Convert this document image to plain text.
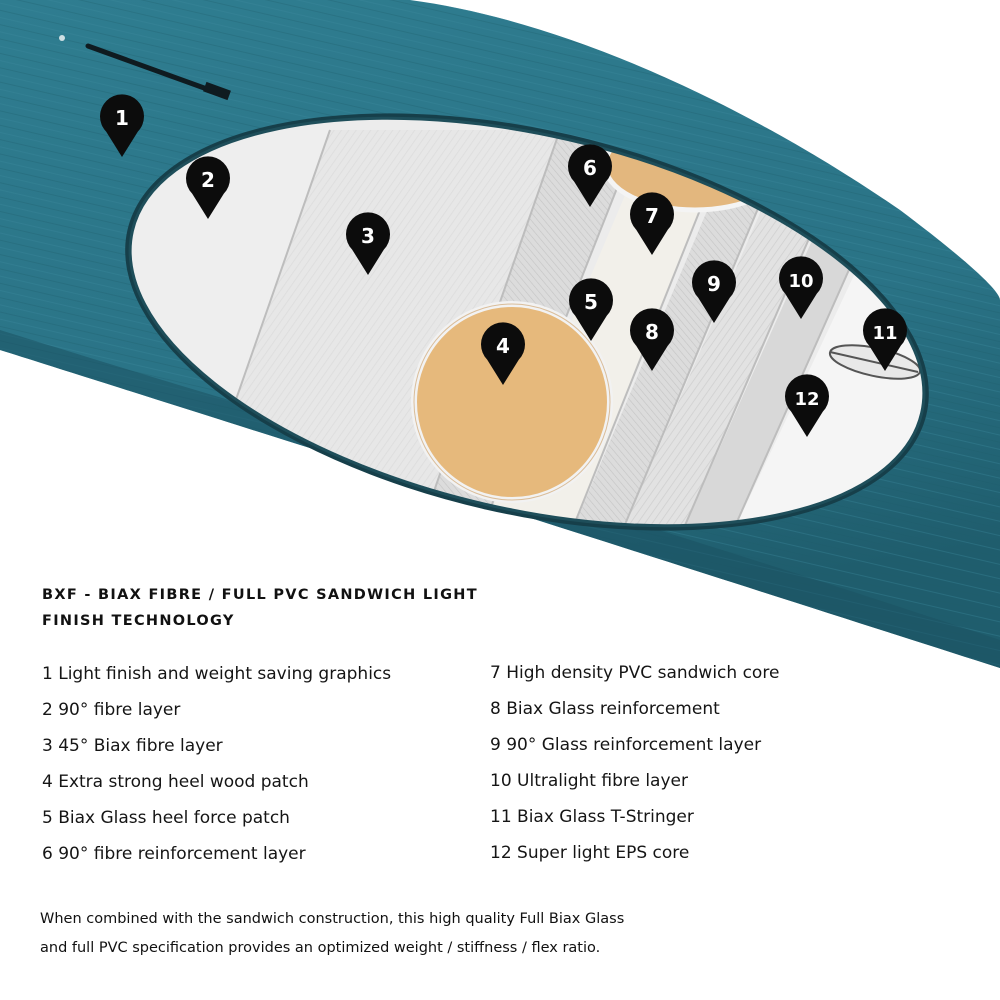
1
2
3
4
5
6
7
8
9	10
11
12
BXF - BIAX FIBRE / FULL PVC SANDWICH LIGHT
FINISH TECHNOLOGY
1 Light finish and weight saving graphics
2 90° fibre layer
3 45° Biax fibre layer
4 Extra strong heel wood patch
5 Biax Glass heel force patch
6 90° fibre reinforcement layer
7 High density PVC sandwich core
8 Biax Glass reinforcement
9 90° Glass reinforcement layer
10 Ultralight fibre layer
11 Biax Glass T-Stringer
12 Super light EPS core
When combined with the sandwich construction, this high quality Full Biax Glass
and full PVC specification provides an optimized weight / stiffness / flex ratio.
